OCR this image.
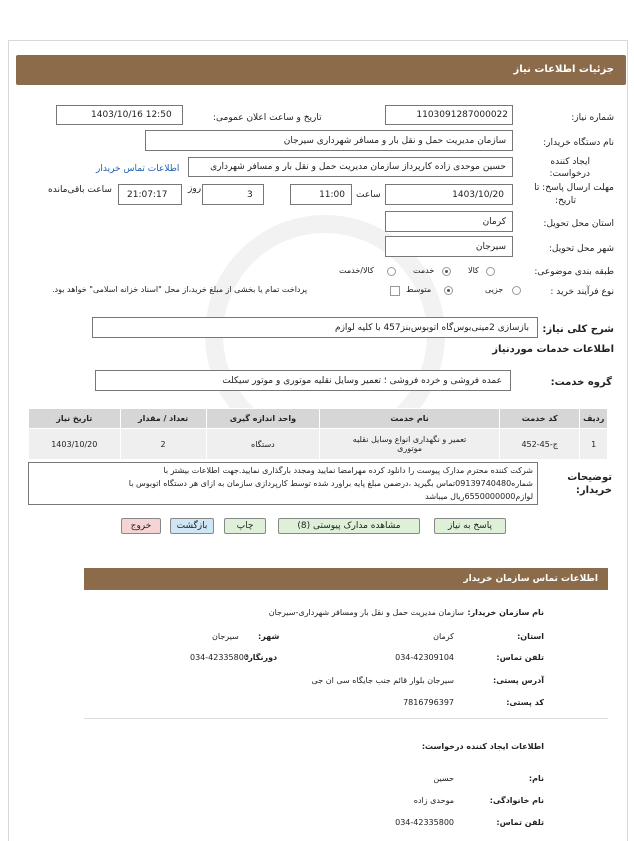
جزئیات اطلاعات نیاز
شماره نیاز:
1103091287000022
تاریخ و ساعت اعلان عمومی:
1403/10/16 12:50
نام دستگاه خریدار:
سازمان مدیریت حمل و نقل بار و مسافر شهرداری سیرجان
ایجاد کننده
درخواست:
حسین موحدی زاده کارپرداز سازمان مدیریت حمل و نقل بار و مسافر شهرداری
اطلاعات تماس خریدار
مهلت ارسال پاسخ: تا
تاریخ:
1403/10/20
ساعت
11:00
روز
3
21:07:17
ساعت باقی‌مانده
استان محل تحویل:
کرمان
شهر محل تحویل:
سیرجان
طبقه بندی موضوعی:
کالا
خدمت
کالا/خدمت
نوع فرآیند خرید :
جزیی
متوسط
پرداخت تمام یا بخشی از مبلغ خرید،از محل "اسناد خزانه اسلامی" خواهد بود.
شرح کلی نیاز:
بازسازی 2مینی‌بوس‌گاه اتوبوس‌بنز457 با کلیه لوازم
اطلاعات خدمات مورد‌نیاز
گروه خدمت:
عمده فروشی و خرده فروشی ؛ تعمیر وسایل نقلیه موتوری و موتور سیکلت
ردیف	کد خدمت	نام خدمت	واحد اندازه گیری	تعداد / مقدار	تاریخ نیاز
1	ج-45-452	تعمیر و نگهداری انواع وسایل نقلیه
موتوری	دستگاه	2	1403/10/20
توضیحات
خریدار:
شرکت کننده محترم مدارک پیوست را دانلود کرده مهرامضا نمایید ومجدد بارگذاری نمایید.جهت اطلاعات بیشتر با
شماره09139740480تماس بگیرید ،درضمن مبلغ پایه براورد شده توسط کارپردازی سازمان به ازای هر دستگاه اتوبوس با
لوازم6550000000ریال میباشد
پاسخ به نیاز
مشاهده مدارک پیوستی (8)
چاپ
بازگشت
خروج
اطلاعات تماس سازمان خریدار
نام سازمان خریدار:
سازمان مدیریت حمل و نقل بار ومسافر شهرداری-سیرجان
استان:
کرمان
شهر:
سیرجان
تلفن تماس:
034-42309104
دورنگار:
034-42335800
آدرس پستی:
سیرجان بلوار قائم جنب جایگاه سی ان جی
کد پستی:
7816796397
اطلاعات ایجاد کننده درخواست:
نام:
حسین
نام خانوادگی:
موحدی زاده
تلفن تماس:
034-42335800
